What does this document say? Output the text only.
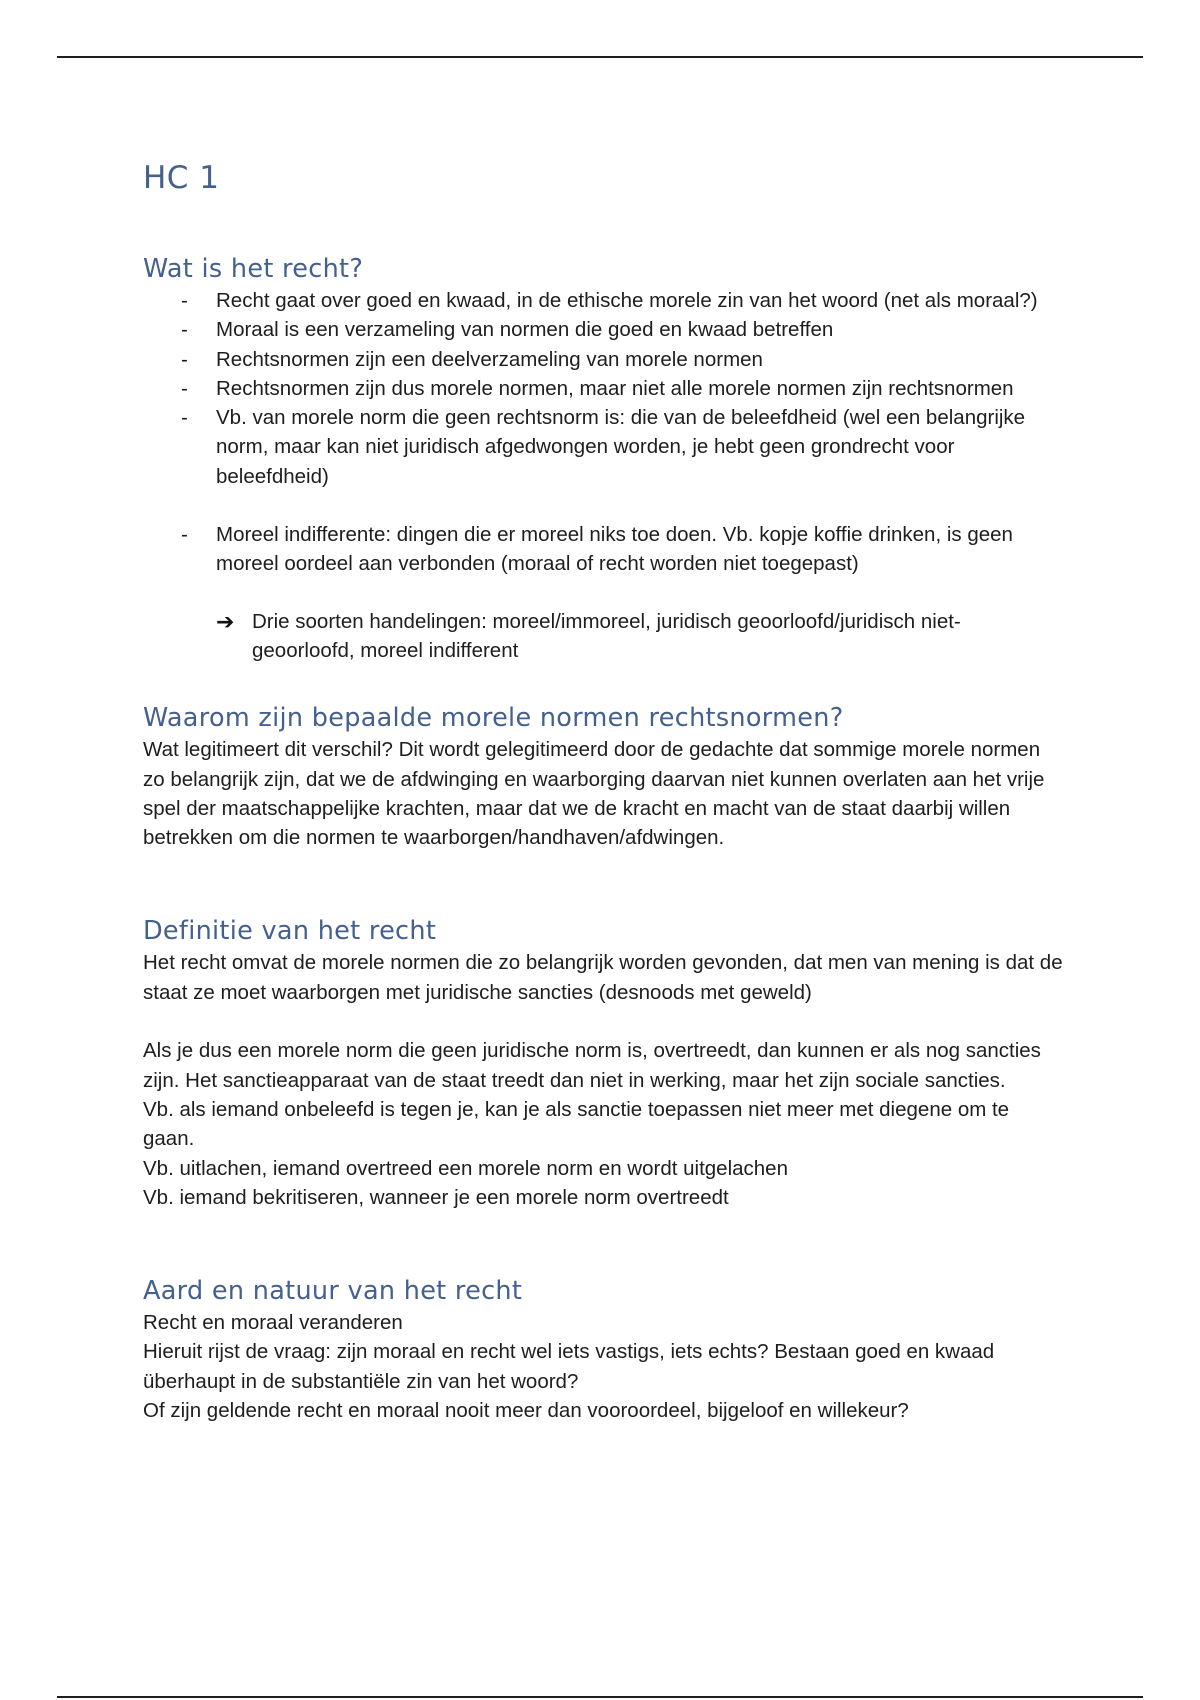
HC 1
Wat is het recht?
- Recht gaat over goed en kwaad, in de ethische morele zin van het woord (net als moraal?)
- Moraal is een verzameling van normen die goed en kwaad betreffen
- Rechtsnormen zijn een deelverzameling van morele normen
- Rechtsnormen zijn dus morele normen, maar niet alle morele normen zijn rechtsnormen
- Vb. van morele norm die geen rechtsnorm is: die van de beleefdheid (wel een belangrijke norm, maar kan niet juridisch afgedwongen worden, je hebt geen grondrecht voor beleefdheid)
- Moreel indifferente: dingen die er moreel niks toe doen. Vb. kopje koffie drinken, is geen moreel oordeel aan verbonden (moraal of recht worden niet toegepast)
➔ Drie soorten handelingen: moreel/immoreel, juridisch geoorloofd/juridisch niet-geoorloofd, moreel indifferent
Waarom zijn bepaalde morele normen rechtsnormen?

Wat legitimeert dit verschil? Dit wordt gelegitimeerd door de gedachte dat sommige morele normen zo belangrijk zijn, dat we de afdwinging en waarborging daarvan niet kunnen overlaten aan het vrije spel der maatschappelijke krachten, maar dat we de kracht en macht van de staat daarbij willen betrekken om die normen te waarborgen/handhaven/afdwingen.

Definitie van het recht

Het recht omvat de morele normen die zo belangrijk worden gevonden, dat men van mening is dat de staat ze moet waarborgen met juridische sancties (desnoods met geweld)

Als je dus een morele norm die geen juridische norm is, overtreedt, dan kunnen er als nog sancties zijn. Het sanctieapparaat van de staat treedt dan niet in werking, maar het zijn sociale sancties.

Vb. als iemand onbeleefd is tegen je, kan je als sanctie toepassen niet meer met diegene om te gaan.

Vb. uitlachen, iemand overtreed een morele norm en wordt uitgelachen

Vb. iemand bekritiseren, wanneer je een morele norm overtreedt

Aard en natuur van het recht

Recht en moraal veranderen

Hieruit rijst de vraag: zijn moraal en recht wel iets vastigs, iets echts? Bestaan goed en kwaad überhaupt in de substantiële zin van het woord?

Of zijn geldende recht en moraal nooit meer dan vooroordeel, bijgeloof en willekeur?
